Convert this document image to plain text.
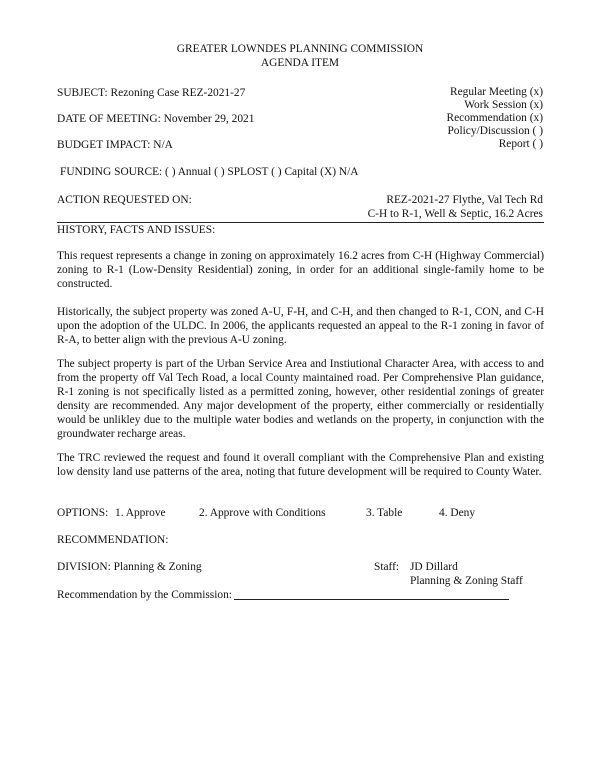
GREATER LOWNDES PLANNING COMMISSION
AGENDA ITEM
SUBJECT: Rezoning Case REZ-2021-27
DATE OF MEETING: November 29, 2021
BUDGET IMPACT: N/A
FUNDING SOURCE: ( ) Annual ( ) SPLOST ( ) Capital (X) N/A
Regular Meeting (x)
Work Session (x)
Recommendation (x)
Policy/Discussion ( )
Report ( )
ACTION REQUESTED ON:	REZ-2021-27 Flythe, Val Tech Rd
C-H to R-1, Well & Septic, 16.2 Acres
HISTORY, FACTS AND ISSUES:
This request represents a change in zoning on approximately 16.2 acres from C-H (Highway Commercial) zoning to R-1 (Low-Density Residential) zoning, in order for an additional single-family home to be constructed.
Historically, the subject property was zoned A-U, F-H, and C-H, and then changed to R-1, CON, and C-H upon the adoption of the ULDC. In 2006, the applicants requested an appeal to the R-1 zoning in favor of R-A, to better align with the previous A-U zoning.
The subject property is part of the Urban Service Area and Instiutional Character Area, with access to and from the property off Val Tech Road, a local County maintained road. Per Comprehensive Plan guidance, R-1 zoning is not specifically listed as a permitted zoning, however, other residential zonings of greater density are recommended. Any major development of the property, either commercially or residentially would be unlikley due to the multiple water bodies and wetlands on the property, in conjunction with the groundwater recharge areas.
The TRC reviewed the request and found it overall compliant with the Comprehensive Plan and existing low density land use patterns of the area, noting that future development will be required to County Water.
OPTIONS: 1. Approve	2. Approve with Conditions	3. Table	4. Deny
RECOMMENDATION:
DIVISION: Planning & Zoning	Staff: JD Dillard
Planning & Zoning Staff
Recommendation by the Commission:
